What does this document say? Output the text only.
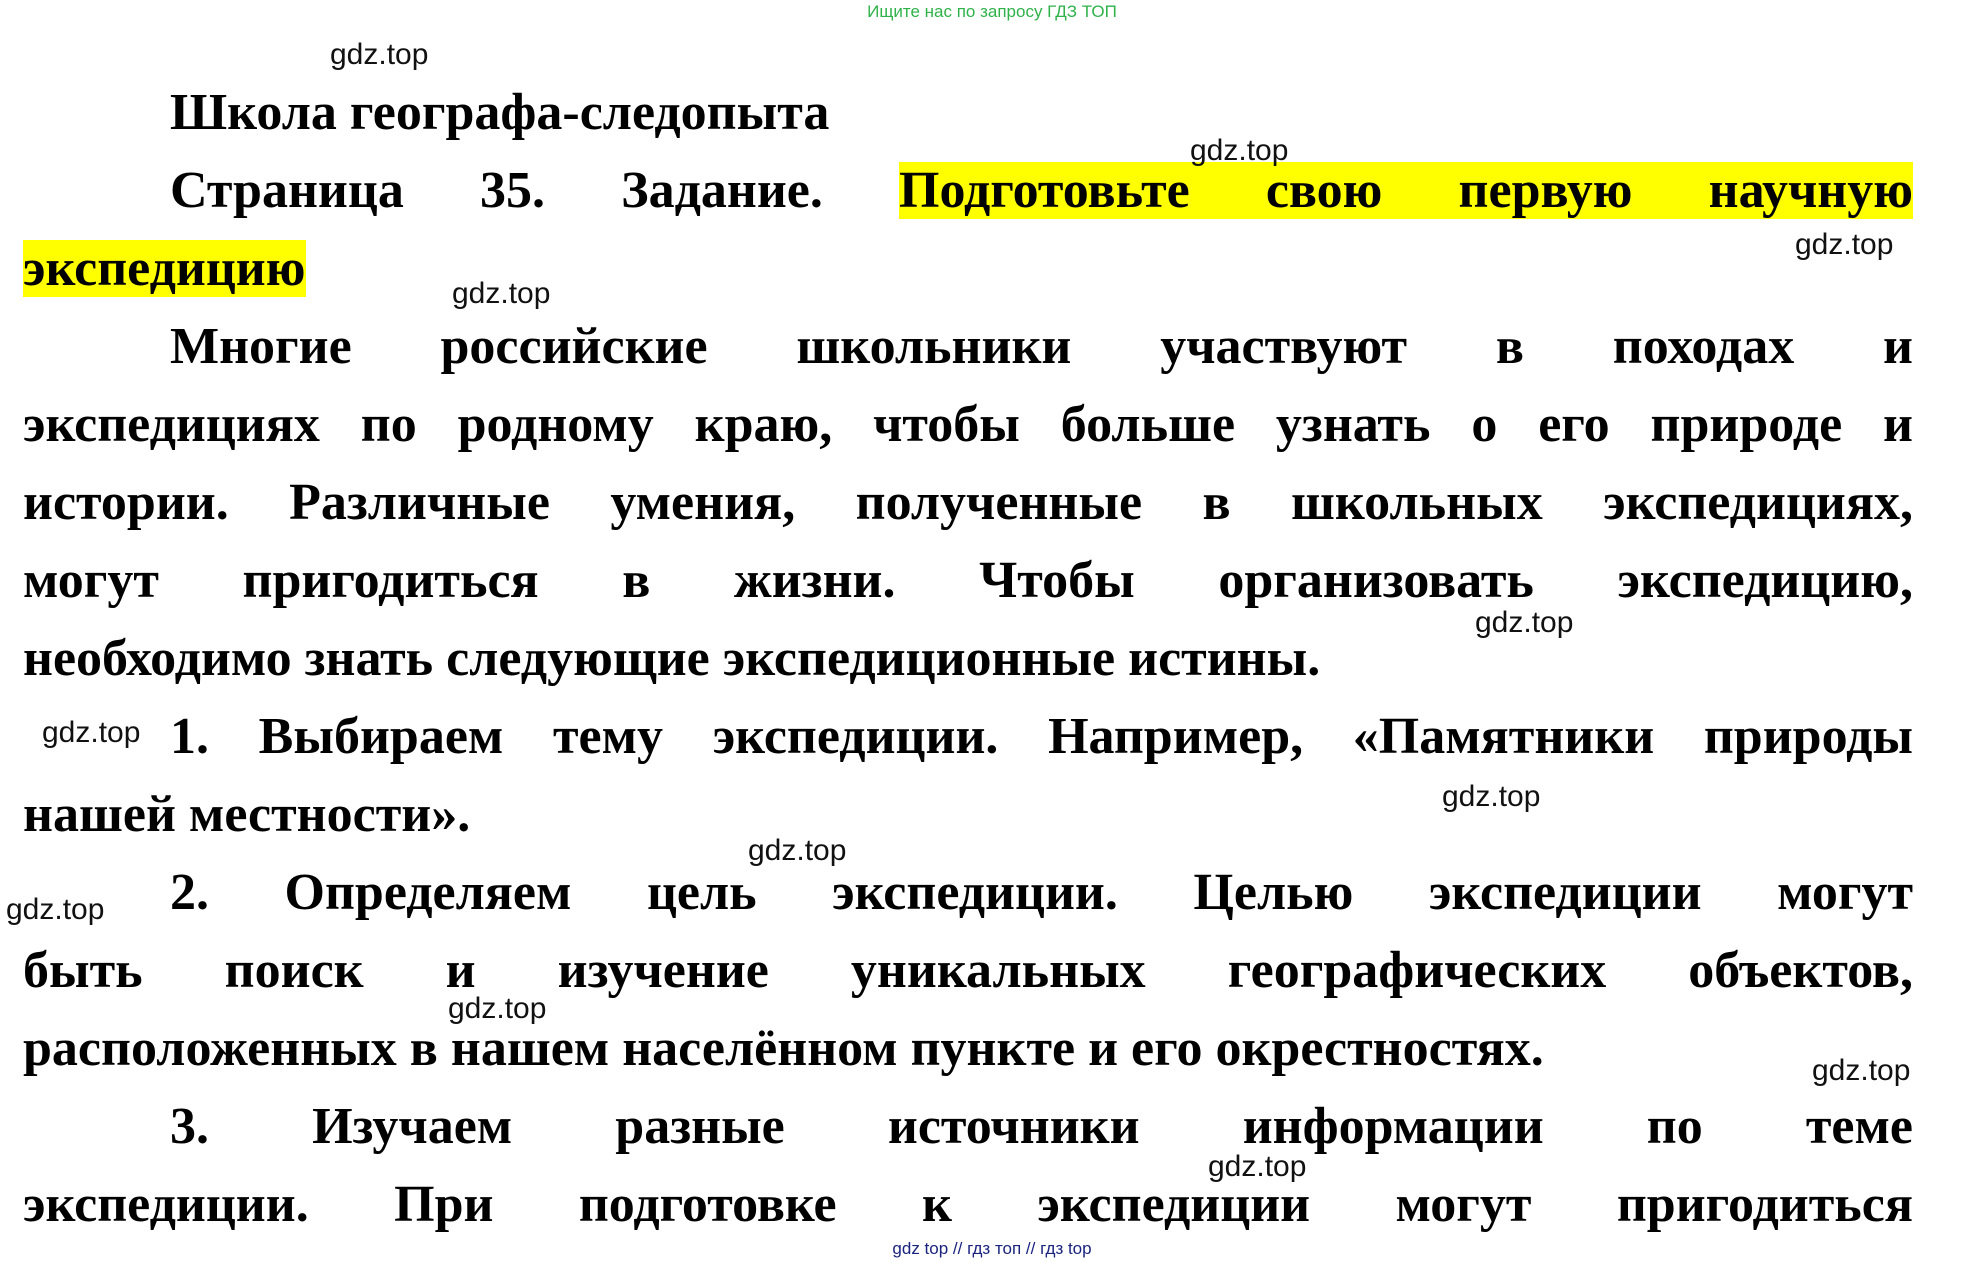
Ищите нас по запросу ГДЗ ТОП
Школа географа-следопыта
Страница 35. Задание. Подготовьте свою первую научную
экспедицию
Многие российские школьники участвуют в походах и
экспедициях по родному краю, чтобы больше узнать о его природе и
истории. Различные умения, полученные в школьных экспедициях,
могут пригодиться в жизни. Чтобы организовать экспедицию,
необходимо знать следующие экспедиционные истины.
1. Выбираем тему экспедиции. Например, «Памятники природы
нашей местности».
2. Определяем цель экспедиции. Целью экспедиции могут
быть поиск и изучение уникальных географических объектов,
расположенных в нашем населённом пункте и его окрестностях.
3. Изучаем разные источники информации по теме
экспедиции. При подготовке к экспедиции могут пригодиться
gdz.top
gdz.top
gdz.top
gdz.top
gdz.top
gdz.top
gdz.top
gdz.top
gdz.top
gdz.top
gdz.top
gdz.top
gdz top // гдз топ // гдз top
